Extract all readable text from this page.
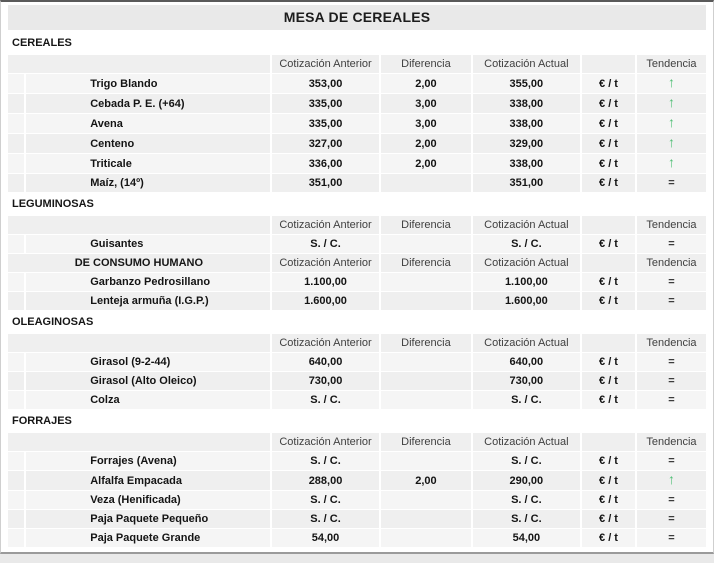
MESA DE CEREALES
CEREALES						
		Cotización Anterior	Diferencia	Cotización Actual		Tendencia
	Trigo Blando	353,00	2,00	355,00	€ / t	↑
	Cebada P. E. (+64)	335,00	3,00	338,00	€ / t	↑
	Avena	335,00	3,00	338,00	€ / t	↑
	Centeno	327,00	2,00	329,00	€ / t	↑
	Triticale	336,00	2,00	338,00	€ / t	↑
	Maíz, (14º)	351,00		351,00	€ / t	=
LEGUMINOSAS						
		Cotización Anterior	Diferencia	Cotización Actual		Tendencia
	Guisantes	S. / C.		S. / C.	€ / t	=
DE CONSUMO HUMANO		Cotización Anterior	Diferencia	Cotización Actual		Tendencia
	Garbanzo Pedrosillano	1.100,00		1.100,00	€ / t	=
	Lenteja armuña (I.G.P.)	1.600,00		1.600,00	€ / t	=
OLEAGINOSAS						
		Cotización Anterior	Diferencia	Cotización Actual		Tendencia
	Girasol (9-2-44)	640,00		640,00	€ / t	=
	Girasol (Alto Oleico)	730,00		730,00	€ / t	=
	Colza	S. / C.		S. / C.	€ / t	=
FORRAJES						
		Cotización Anterior	Diferencia	Cotización Actual		Tendencia
	Forrajes (Avena)	S. / C.		S. / C.	€ / t	=
	Alfalfa Empacada	288,00	2,00	290,00	€ / t	↑
	Veza (Henificada)	S. / C.		S. / C.	€ / t	=
	Paja Paquete Pequeño	S. / C.		S. / C.	€ / t	=
	Paja Paquete Grande	54,00		54,00	€ / t	=
